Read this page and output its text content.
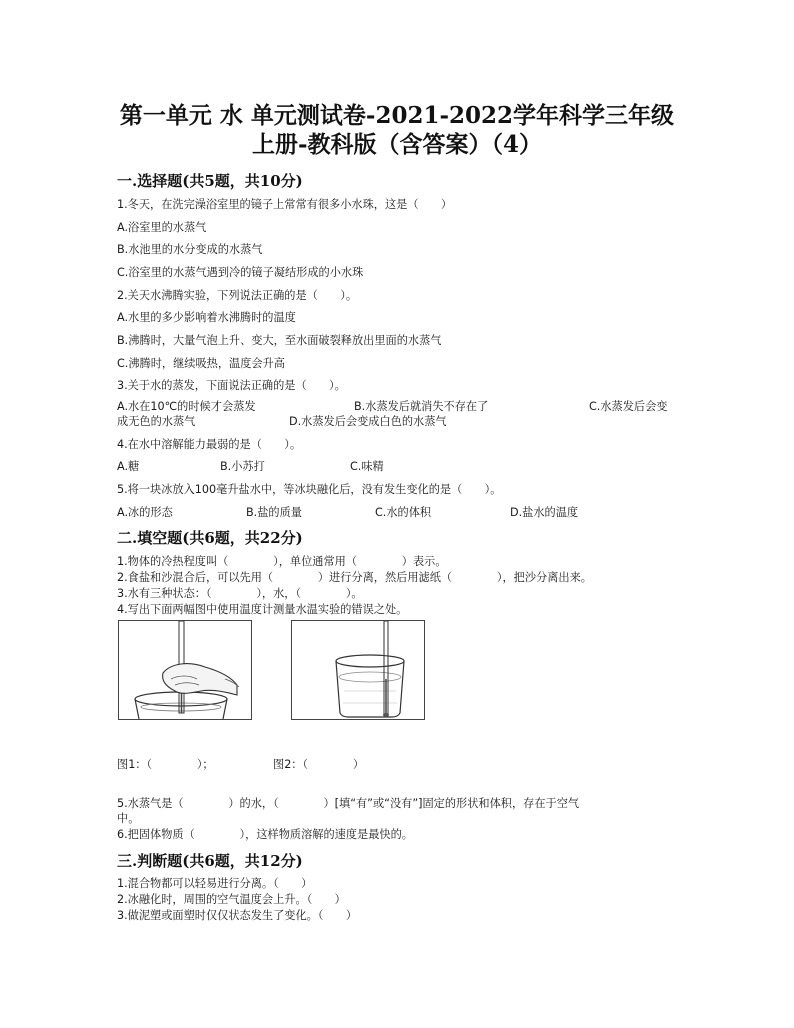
第一单元 水 单元测试卷-2021-2022学年科学三年级
上册-教科版（含答案）（4）
一.选择题(共5题，共10分)
1.冬天，在洗完澡浴室里的镜子上常常有很多小水珠，这是（　　）
A.浴室里的水蒸气
B.水池里的水分变成的水蒸气
C.浴室里的水蒸气遇到冷的镜子凝结形成的小水珠
2.关天水沸腾实验，下列说法正确的是（　　）。
A.水里的多少影响着水沸腾时的温度
B.沸腾时，大量气泡上升、变大，至水面破裂释放出里面的水蒸气
C.沸腾时，继续吸热，温度会升高
3.关于水的蒸发，下面说法正确的是（　　）。
A.水在10℃的时候才会蒸发	B.水蒸发后就消失不存在了	C.水蒸发后会变
成无色的水蒸气	D.水蒸发后会变成白色的水蒸气
4.在水中溶解能力最弱的是（　　）。
A.糖	B.小苏打	C.味精
5.将一块冰放入100毫升盐水中，等冰块融化后，没有发生变化的是（　　）。
A.冰的形态	B.盐的质量	C.水的体积	D.盐水的温度
二.填空题(共6题，共22分)
1.物体的冷热程度叫（　　　　），单位通常用（　　　　）表示。
2.食盐和沙混合后，可以先用（　　　　）进行分离，然后用滤纸（　　　　），把沙分离出来。
3.水有三种状态：（　　　　），水，（　　　　）。
4.写出下面两幅图中使用温度计测量水温实验的错误之处。
图1：（　　　　）；	图2：（　　　　）
5.水蒸气是（　　　　）的水，（　　　　）[填“有”或“没有”]固定的形状和体积，存在于空气
中。
6.把固体物质（　　　　），这样物质溶解的速度是最快的。
三.判断题(共6题，共12分)
1.混合物都可以轻易进行分离。（　　）
2.冰融化时，周围的空气温度会上升。（　　）
3.做泥塑或面塑时仅仅状态发生了变化。（　　）
